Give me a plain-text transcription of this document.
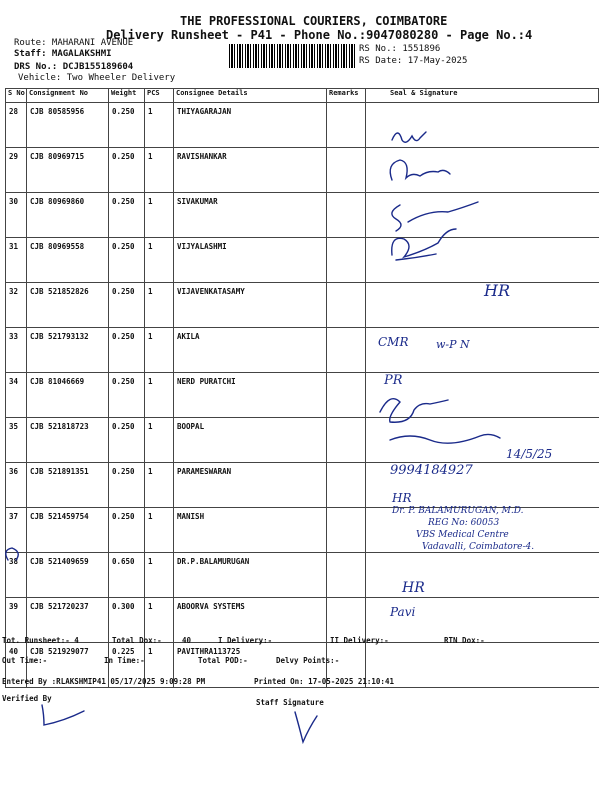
THE PROFESSIONAL COURIERS, COIMBATORE
Delivery Runsheet - P41 - Phone No.:9047080280 - Page No.:4
Route: MAHARANI AVENUE
Staff: MAGALAKSHMI
DRS No.: DCJB155189604
Vehicle: Two Wheeler Delivery
RS No.: 1551896
RS Date: 17-May-2025
S No	Consignment No	Weight	PCS	Consignee Details	Remarks	Seal & Signature
28	CJB 80585956	0.250	1	THIYAGARAJAN		
29	CJB 80969715	0.250	1	RAVISHANKAR		
30	CJB 80969860	0.250	1	SIVAKUMAR		
31	CJB 80969558	0.250	1	VIJYALASHMI		
32	CJB 521852826	0.250	1	VIJAVENKATASAMY		
33	CJB 521793132	0.250	1	AKILA		
34	CJB 81046669	0.250	1	NERD PURATCHI		
35	CJB 521818723	0.250	1	BOOPAL		
36	CJB 521891351	0.250	1	PARAMESWARAN		
37	CJB 521459754	0.250	1	MANISH		
38	CJB 521409659	0.650	1	DR.P.BALAMURUGAN		
39	CJB 521720237	0.300	1	ABOORVA SYSTEMS		
40	CJB 521929077	0.225	1	PAVITHRA113725		
HR
CMR w-P N
PR
14/5/25
9994184927
HR
HR
Pavi
Dr. P. BALAMURUGAN, M.D.
REG No: 60053
VBS Medical Centre
Vadavalli, Coimbatore-4.
Tot. Runsheet:- 4	Total Dox:-	40	I Delivery:-	II Delivery:-	RTN Dox:-
Out Time:-	In Time:-	Total POD:-	Delvy Points:-
Entered By :RLAKSHMIP41 05/17/2025 9:09:28 PM	Printed On: 17-05-2025 21:10:41
Verified By	Staff Signature
